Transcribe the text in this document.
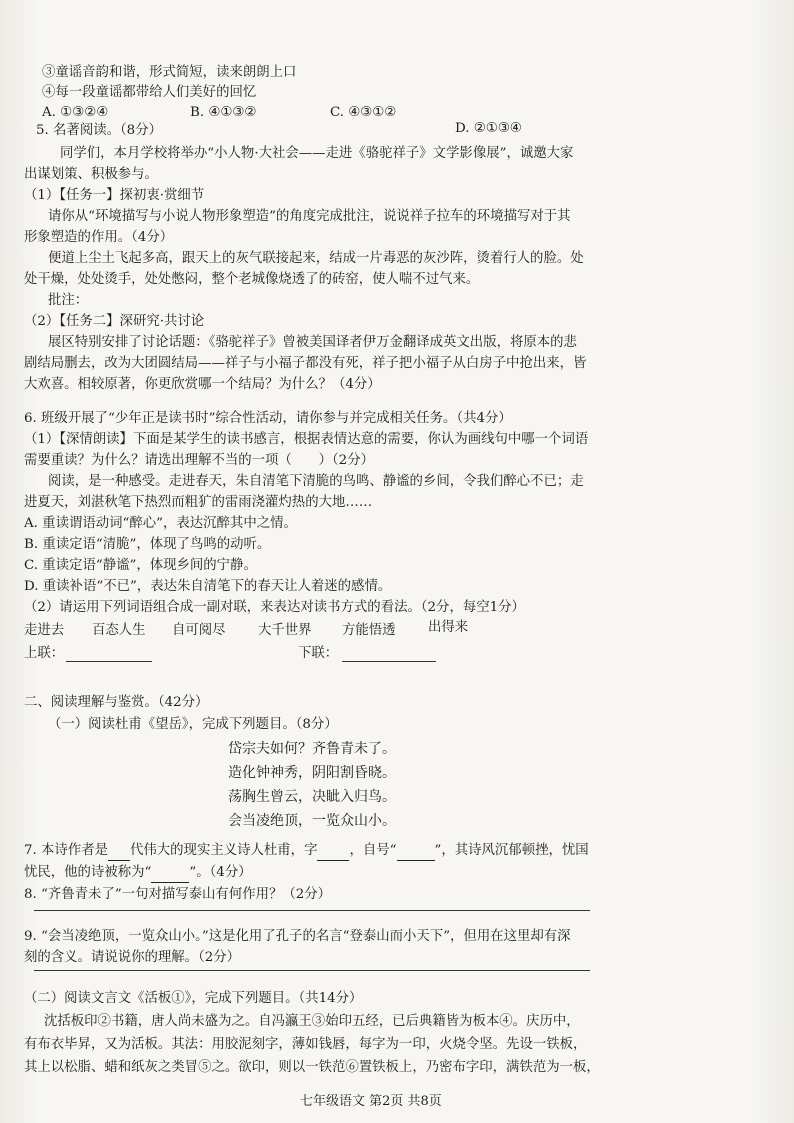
③童谣音韵和谐，形式简短，读来朗朗上口
④每一段童谣都带给人们美好的回忆
A. ①③②④	B. ④①③②	C. ④③①②
D. ②①③④
5. 名著阅读。（8分）
同学们，本月学校将举办“小人物·大社会——走进《骆驼祥子》文学影像展”，诚邀大家
出谋划策、积极参与。
（1）【任务一】探初衷·赏细节
请你从“环境描写与小说人物形象塑造”的角度完成批注，说说祥子拉车的环境描写对于其
形象塑造的作用。（4分）
便道上尘土飞起多高，跟天上的灰气联接起来，结成一片毒恶的灰沙阵，烫着行人的脸。处
处干燥，处处烫手，处处憋闷，整个老城像烧透了的砖窑，使人喘不过气来。
批注：
（2）【任务二】深研究·共讨论
展区特别安排了讨论话题：《骆驼祥子》曾被美国译者伊万金翻译成英文出版，将原本的悲
剧结局删去，改为大团圆结局——祥子与小福子都没有死，祥子把小福子从白房子中抢出来，皆
大欢喜。相较原著，你更欣赏哪一个结局？为什么？（4分）
6. 班级开展了“少年正是读书时”综合性活动，请你参与并完成相关任务。（共4分）
（1）【深情朗读】下面是某学生的读书感言，根据表情达意的需要，你认为画线句中哪一个词语
需要重读？为什么？请选出理解不当的一项（　　）（2分）
阅读，是一种感受。走进春天，朱自清笔下清脆的鸟鸣、静谧的乡间，令我们醉心不已；走
进夏天，刘湛秋笔下热烈而粗犷的雷雨浇灌灼热的大地……
A. 重读谓语动词“醉心”，表达沉醉其中之情。
B. 重读定语“清脆”，体现了鸟鸣的动听。
C. 重读定语“静谧”，体现乡间的宁静。
D. 重读补语“不已”，表达朱自清笔下的春天让人着迷的感情。
（2）请运用下列词语组合成一副对联，来表达对读书方式的看法。（2分，每空1分）
走进去 百态人生 自可阅尽 大千世界 方能悟透 出得来
上联：	下联：
二、阅读理解与鉴赏。（42分）
（一）阅读杜甫《望岳》，完成下列题目。（8分）
岱宗夫如何？齐鲁青未了。
造化钟神秀，阴阳割昏晓。
荡胸生曾云，决眦入归鸟。
会当凌绝顶，一览众山小。
7. 本诗作者是 代伟大的现实主义诗人杜甫，字 ，自号“	”，其诗风沉郁顿挫，忧国
忧民，他的诗被称为“	”。（4分）
8. “齐鲁青未了”一句对描写泰山有何作用？（2分）
9. “会当凌绝顶，一览众山小。”这是化用了孔子的名言“登泰山而小天下”，但用在这里却有深
刻的含义。请说说你的理解。（2分）
（二）阅读文言文《活板①》，完成下列题目。（共14分）
沈括板印②书籍，唐人尚未盛为之。自冯瀛王③始印五经，已后典籍皆为板本④。庆历中，
有布衣毕昇，又为活板。其法：用胶泥刻字，薄如钱唇，每字为一印，火烧令坚。先设一铁板，
其上以松脂、蜡和纸灰之类冒⑤之。欲印，则以一铁范⑥置铁板上，乃密布字印，满铁范为一板，
七年级语文 第2页 共8页
